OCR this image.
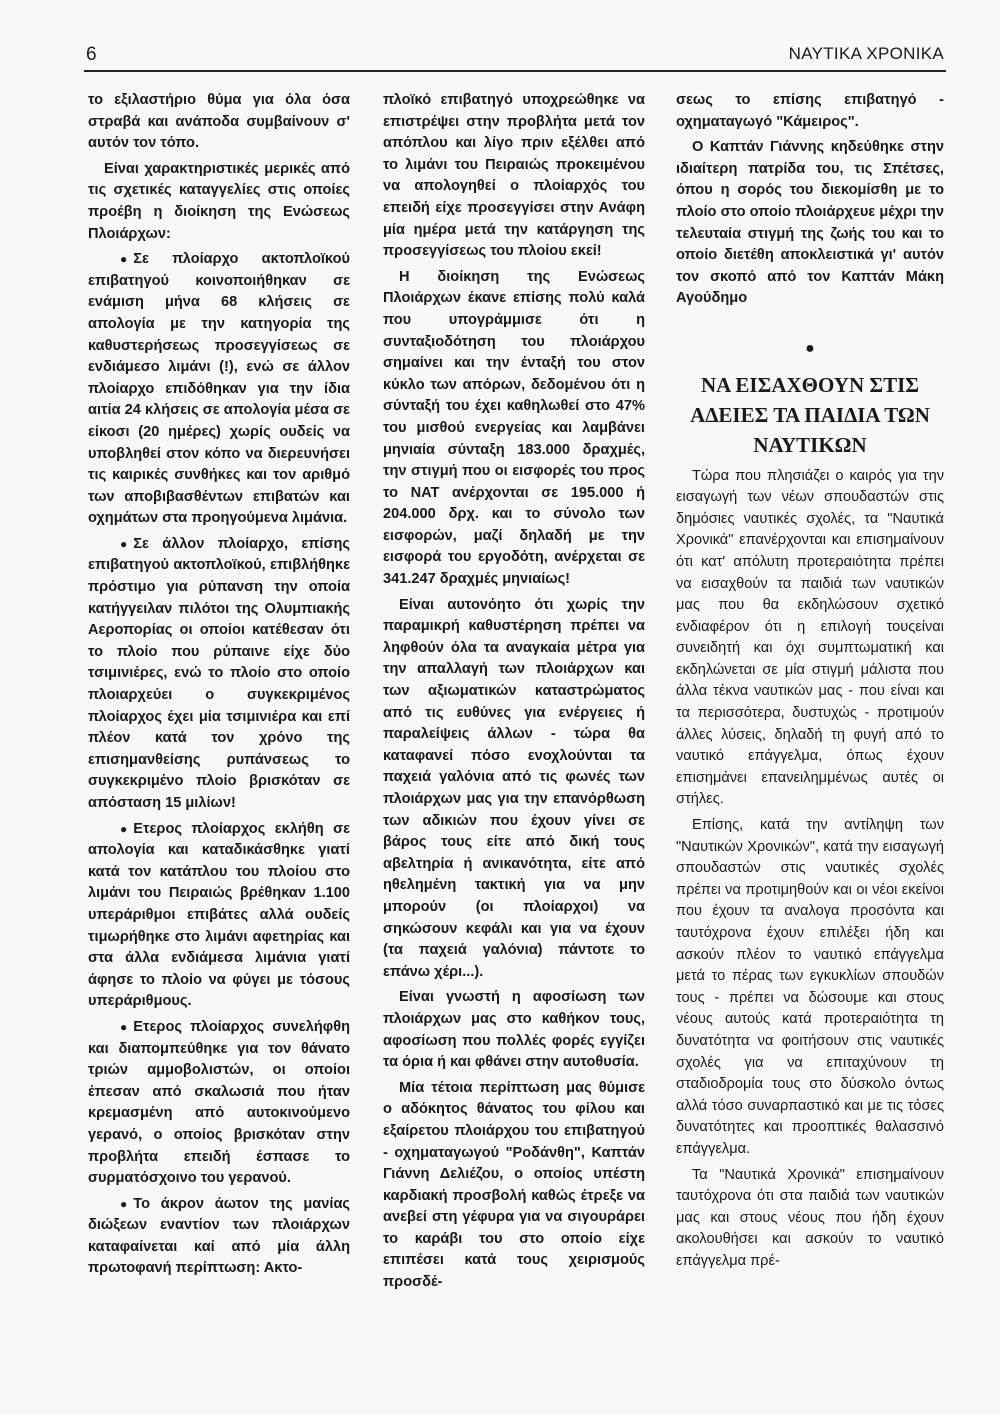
6	ΝΑΥΤΙΚΑ ΧΡΟΝΙΚΑ

το εξιλαστήριο θύμα για όλα όσα στραβά και ανάποδα συμβαίνουν σ' αυτόν τον τόπο.

Είναι χαρακτηριστικές μερικές από τις σχετικές καταγγελίες στις οποίες προέβη η διοίκηση της Ενώσεως Πλοιάρχων:

● Σε πλοίαρχο ακτοπλοϊκού επιβατηγού κοινοποιήθηκαν σε ενάμιση μήνα 68 κλήσεις σε απολογία με την κατηγορία της καθυστερήσεως προσεγγίσεως σε ενδιάμεσο λιμάνι (!), ενώ σε άλλον πλοίαρχο επιδόθηκαν για την ίδια αιτία 24 κλήσεις σε απολογία μέσα σε είκοσι (20 ημέρες) χωρίς ουδείς να υποβληθεί στον κόπο να διερευνήσει τις καιρικές συνθήκες και τον αριθμό των αποβιβασθέντων επιβατών και οχημάτων στα προηγούμενα λιμάνια.

● Σε άλλον πλοίαρχο, επίσης επιβατηγού ακτοπλοϊκού, επιβλήθηκε πρόστιμο για ρύπανση την οποία κατήγγειλαν πιλότοι της Ολυμπιακής Αεροπορίας οι οποίοι κατέθεσαν ότι το πλοίο που ρύπαινε είχε δύο τσιμινιέρες, ενώ το πλοίο στο οποίο πλοιαρχεύει ο συγκεκριμένος πλοίαρχος έχει μία τσιμινιέρα και επί πλέον κατά τον χρόνο της επισημανθείσης ρυπάνσεως το συγκεκριμένο πλοίο βρισκόταν σε απόσταση 15 μιλίων!

● Ετερος πλοίαρχος εκλήθη σε απολογία και καταδικάσθηκε γιατί κατά τον κατάπλου του πλοίου στο λιμάνι του Πειραιώς βρέθηκαν 1.100 υπεράριθμοι επιβάτες αλλά ουδείς τιμωρήθηκε στο λιμάνι αφετηρίας και στα άλλα ενδιάμεσα λιμάνια γιατί άφησε το πλοίο να φύγει με τόσους υπεράριθμους.

● Ετερος πλοίαρχος συνελήφθη και διαπομπεύθηκε για τον θάνατο τριών αμμοβολιστών, οι οποίοι έπεσαν από σκαλωσιά που ήταν κρεμασμένη από αυτοκινούμενο γερανό, ο οποίος βρισκόταν στην προβλήτα επειδή έσπασε το συρματόσχοινο του γερανού.

● Το άκρον άωτον της μανίας διώξεων εναντίον των πλοιάρχων καταφαίνεται καί από μία άλλη πρωτοφανή περίπτωση: Ακτο-

πλοϊκό επιβατηγό υποχρεώθηκε να επιστρέψει στην προβλήτα μετά τον απόπλου και λίγο πριν εξέλθει από το λιμάνι του Πειραιώς προκειμένου να απολογηθεί ο πλοίαρχός του επειδή είχε προσεγγίσει στην Ανάφη μία ημέρα μετά την κατάργηση της προσεγγίσεως του πλοίου εκεί!

Η διοίκηση της Ενώσεως Πλοιάρχων έκανε επίσης πολύ καλά που υπογράμμισε ότι η συνταξιοδότηση του πλοιάρχου σημαίνει και την ένταξή του στον κύκλο των απόρων, δεδομένου ότι η σύνταξή του έχει καθηλωθεί στο 47% του μισθού ενεργείας και λαμβάνει μηνιαία σύνταξη 183.000 δραχμές, την στιγμή που οι εισφορές του προς το ΝΑΤ ανέρχονται σε 195.000 ή 204.000 δρχ. και το σύνολο των εισφορών, μαζί δηλαδή με την εισφορά του εργοδότη, ανέρχεται σε 341.247 δραχμές μηνιαίως!

Είναι αυτονόητο ότι χωρίς την παραμικρή καθυστέρηση πρέπει να ληφθούν όλα τα αναγκαία μέτρα για την απαλλαγή των πλοιάρχων και των αξιωματικών καταστρώματος από τις ευθύνες για ενέργειες ή παραλείψεις άλλων - τώρα θα καταφανεί πόσο ενοχλούνται τα παχειά γαλόνια από τις φωνές των πλοιάρχων μας για την επανόρθωση των αδικιών που έχουν γίνει σε βάρος τους είτε από δική τους αβελτηρία ή ανικανότητα, είτε από ηθελημένη τακτική για να μην μπορούν (οι πλοίαρχοι) να σηκώσουν κεφάλι και για να έχουν (τα παχειά γαλόνια) πάντοτε το επάνω χέρι...).

Είναι γνωστή η αφοσίωση των πλοιάρχων μας στο καθήκον τους, αφοσίωση που πολλές φορές εγγίζει τα όρια ή και φθάνει στην αυτοθυσία.

Μία τέτοια περίπτωση μας θύμισε ο αδόκητος θάνατος του φίλου και εξαίρετου πλοιάρχου του επιβατηγού - οχηματαγωγού "Ροδάνθη", Καπτάν Γιάννη Δελιέζου, ο οποίος υπέστη καρδιακή προσβολή καθώς έτρεξε να ανεβεί στη γέφυρα για να σιγουράρει το καράβι του στο οποίο είχε επιπέσει κατά τους χειρισμούς προσδέ-

σεως το επίσης επιβατηγό - οχηματαγωγό "Κάμειρος".

Ο Καπτάν Γιάννης κηδεύθηκε στην ιδιαίτερη πατρίδα του, τις Σπέτσες, όπου η σορός του διεκομίσθη με το πλοίο στο οποίο πλοιάρχευε μέχρι την τελευταία στιγμή της ζωής του και το οποίο διετέθη αποκλειστικά γι' αυτόν τον σκοπό από τον Καπτάν Μάκη Αγούδημο

●
ΝΑ ΕΙΣΑΧΘΟΥΝ ΣΤΙΣ ΑΔΕΙΕΣ ΤΑ ΠΑΙΔΙΑ ΤΩΝ ΝΑΥΤΙΚΩΝ

Τώρα που πλησιάζει ο καιρός για την εισαγωγή των νέων σπουδαστών στις δημόσιες ναυτικές σχολές, τα "Ναυτικά Χρονικά" επανέρχονται και επισημαίνουν ότι κατ' απόλυτη προτεραιότητα πρέπει να εισαχθούν τα παιδιά των ναυτικών μας που θα εκδηλώσουν σχετικό ενδιαφέρον ότι η επιλογή τουςείναι συνειδητή και όχι συμπτωματική και εκδηλώνεται σε μία στιγμή μάλιστα που άλλα τέκνα ναυτικών μας - που είναι και τα περισσότερα, δυστυχώς - προτιμούν άλλες λύσεις, δηλαδή τη φυγή από το ναυτικό επάγγελμα, όπως έχουν επισημάνει επανειλημμένως αυτές οι στήλες.

Επίσης, κατά την αντίληψη των "Ναυτικών Χρονικών", κατά την εισαγωγή σπουδαστών στις ναυτικές σχολές πρέπει να προτιμηθούν και οι νέοι εκείνοι που έχουν τα αναλογα προσόντα και ταυτόχρονα έχουν επιλέξει ήδη και ασκούν πλέον το ναυτικό επάγγελμα μετά το πέρας των εγκυκλίων σπουδών τους - πρέπει να δώσουμε και στους νέους αυτούς κατά προτεραιότητα τη δυνατότητα να φοιτήσουν στις ναυτικές σχολές για να επιταχύνουν τη σταδιοδρομία τους στο δύσκολο όντως αλλά τόσο συναρπαστικό και με τις τόσες δυνατότητες και προοπτικές θαλασσινό επάγγελμα.

Τα "Ναυτικά Χρονικά" επισημαίνουν ταυτόχρονα ότι στα παιδιά των ναυτικών μας και στους νέους που ήδη έχουν ακολουθήσει και ασκούν το ναυτικό επάγγελμα πρέ-
